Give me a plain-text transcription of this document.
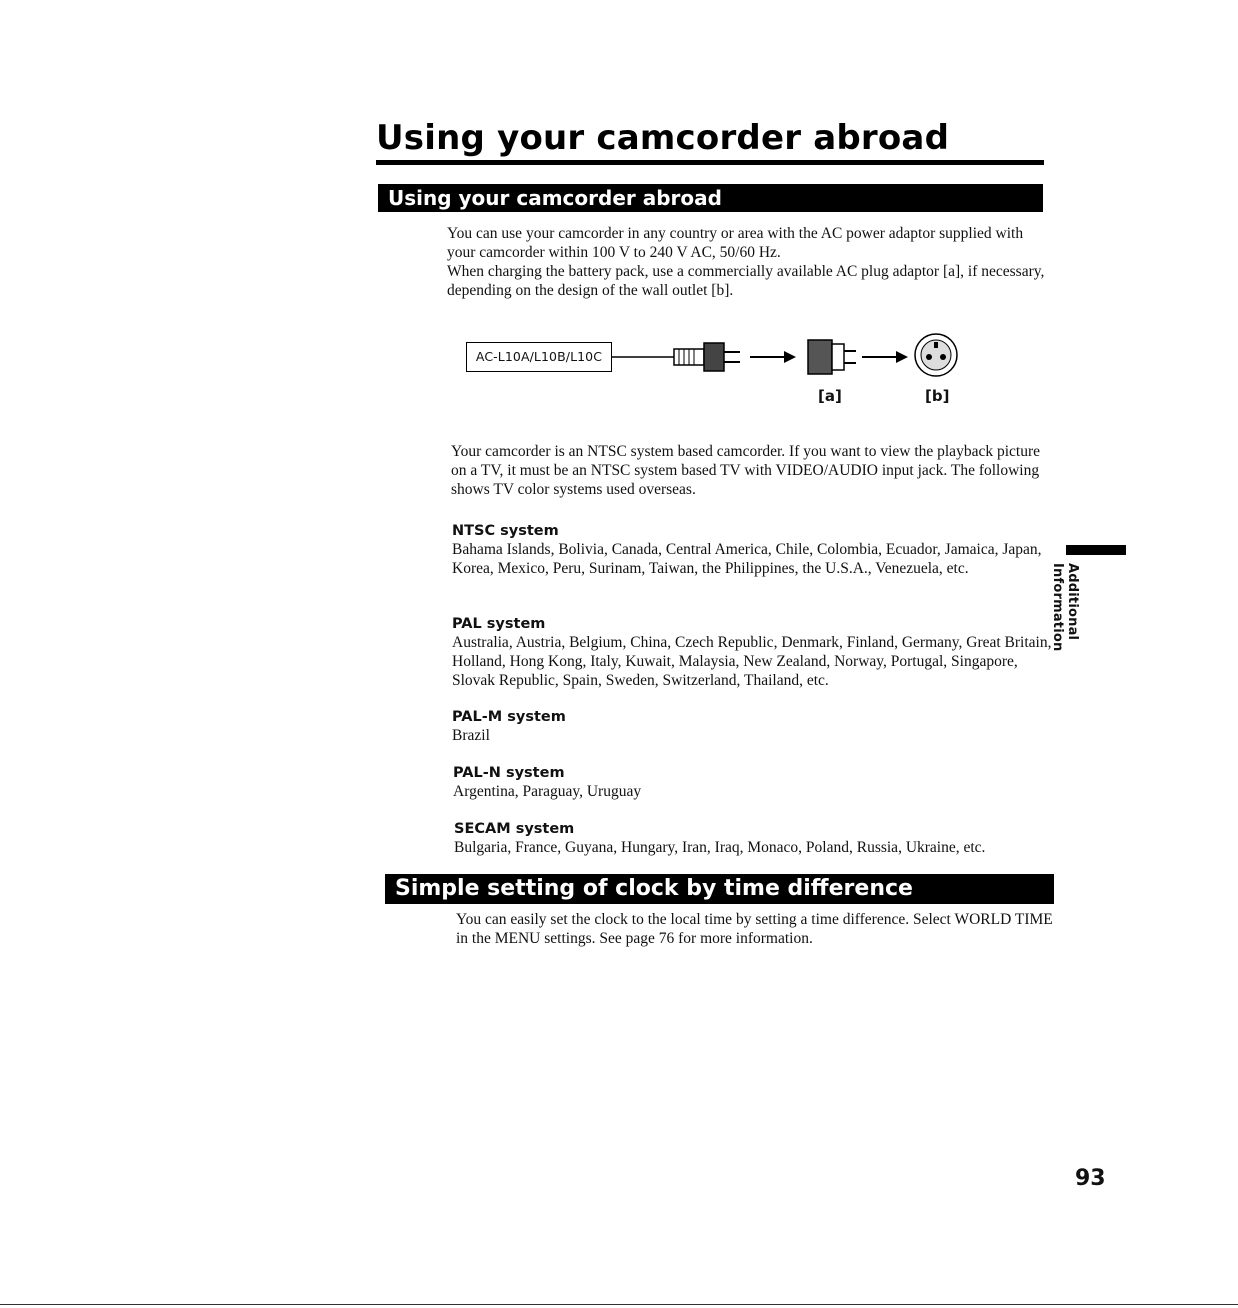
Using your camcorder abroad
Using your camcorder abroad

You can use your camcorder in any country or area with the AC power adaptor supplied with your camcorder within 100 V to 240 V AC, 50/60 Hz.

When charging the battery pack, use a commercially available AC plug adaptor [a], if necessary, depending on the design of the wall outlet [b].

AC-L10A/L10B/L10C
[a]	[b]

Your camcorder is an NTSC system based camcorder. If you want to view the playback picture on a TV, it must be an NTSC system based TV with VIDEO/AUDIO input jack. The following shows TV color systems used overseas.

NTSC system

Bahama Islands, Bolivia, Canada, Central America, Chile, Colombia, Ecuador, Jamaica, Japan, Korea, Mexico, Peru, Surinam, Taiwan, the Philippines, the U.S.A., Venezuela, etc.

PAL system

Australia, Austria, Belgium, China, Czech Republic, Denmark, Finland, Germany, Great Britain, Holland, Hong Kong, Italy, Kuwait, Malaysia, New Zealand, Norway, Portugal, Singapore, Slovak Republic, Spain, Sweden, Switzerland, Thailand, etc.

PAL-M system

Brazil

PAL-N system

Argentina, Paraguay, Uruguay

SECAM system

Bulgaria, France, Guyana, Hungary, Iran, Iraq, Monaco, Poland, Russia, Ukraine, etc.

Simple setting of clock by time difference

You can easily set the clock to the local time by setting a time difference. Select WORLD TIME in the MENU settings. See page 76 for more information.

Additional Information
93
